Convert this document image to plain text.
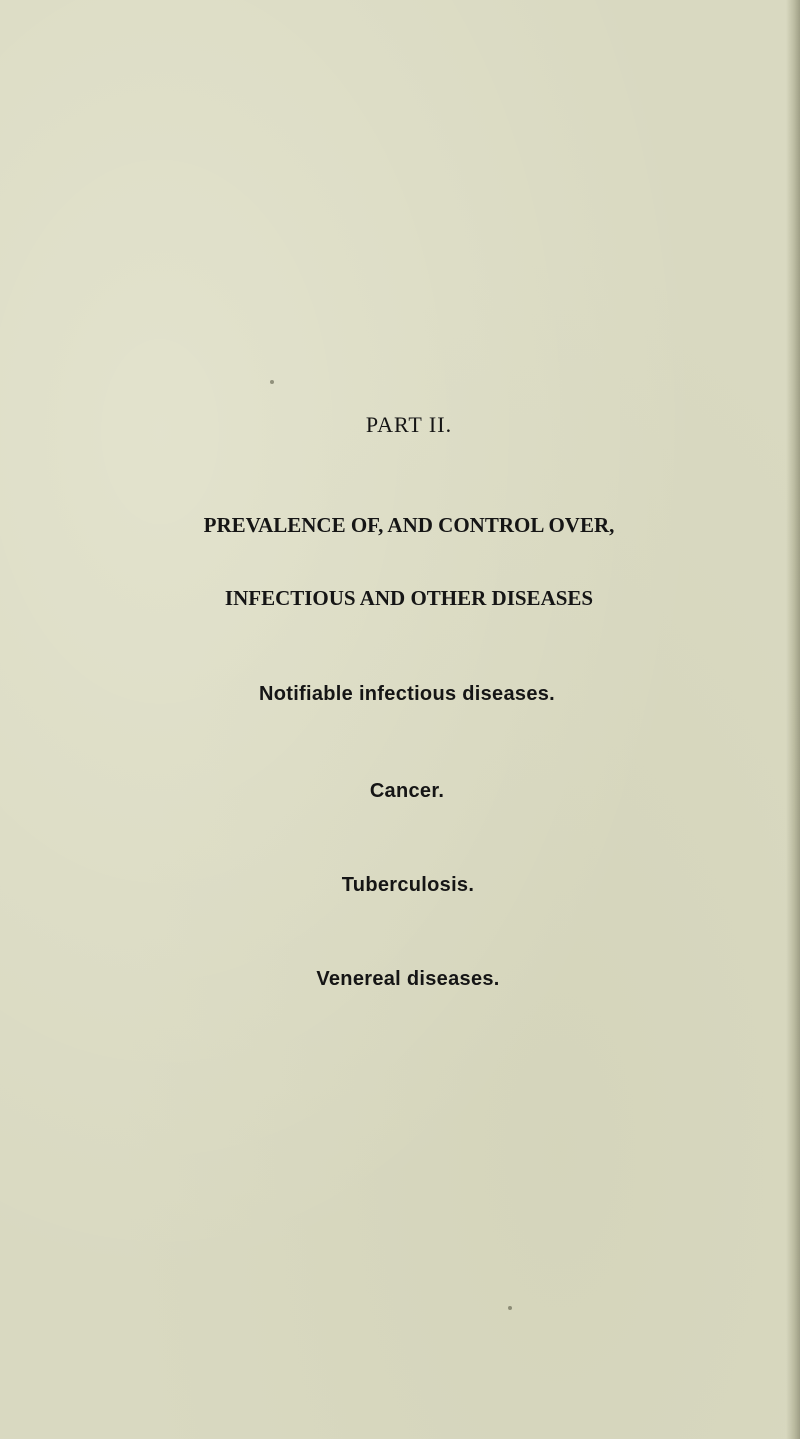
PART II.

PREVALENCE OF, AND CONTROL OVER,

INFECTIOUS AND OTHER DISEASES

Notifiable infectious diseases.

Cancer.

Tuberculosis.

Venereal diseases.
